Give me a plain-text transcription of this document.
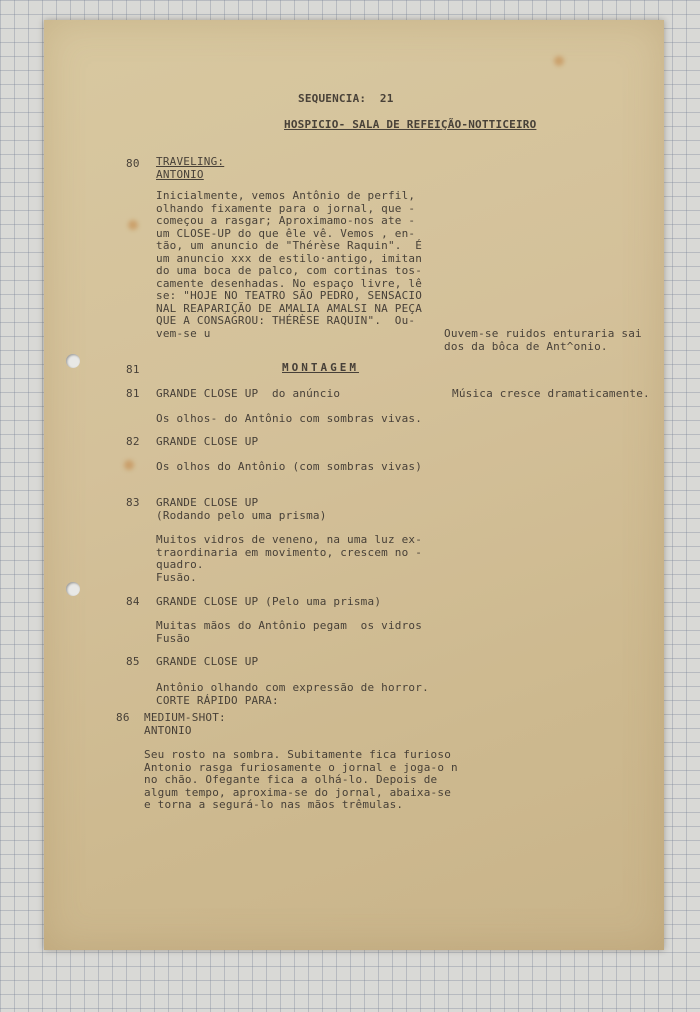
SEQUENCIA:  21

HOSPICIO- SALA DE REFEIÇÃO-NOTTICEIRO

80 TRAVELING:
ANTONIO

Inicialmente, vemos Antônio de perfil,
olhando fixamente para o jornal, que -
começou a rasgar; Aproximamo-nos ate -
um CLOSE-UP do que êle vê. Vemos , en-
tão, um anuncio de "Thérèse Raquin".  É
um anuncio xxx de estilo·antigo, imitan
do uma boca de palco, com cortinas tos-
camente desenhadas. No espaço livre, lê
se: "HOJE NO TEATRO SÃO PEDRO, SENSACIO
NAL REAPARIÇÃO DE AMALIA AMALSI NA PEÇA
QUE A CONSAGROU: THÉRÈSE RAQUIN".  Ou-
vem-se u	Ouvem-se ruidos enturaria sai
dos da bôca de Ant^onio.

81	MONTAGEM

81 GRANDE CLOSE UP  do anúncio	Música cresce dramaticamente.

Os olhos- do Antônio com sombras vivas.

82 GRANDE CLOSE UP

Os olhos do Antônio (com sombras vivas)

83 GRANDE CLOSE UP
(Rodando pelo uma prisma)

Muitos vidros de veneno, na uma luz ex-
traordinaria em movimento, crescem no -
quadro.
Fusão.

84 GRANDE CLOSE UP (Pelo uma prisma)

Muitas mãos do Antônio pegam  os vidros
Fusão

85 GRANDE CLOSE UP

Antônio olhando com expressão de horror.
CORTE RÁPIDO PARA:

86 MEDIUM-SHOT:
ANTONIO

Seu rosto na sombra. Subitamente fica furioso
Antonio rasga furiosamente o jornal e joga-o n
no chão. Ofegante fica a olhá-lo. Depois de
algum tempo, aproxima-se do jornal, abaixa-se
e torna a segurá-lo nas mãos trêmulas.
